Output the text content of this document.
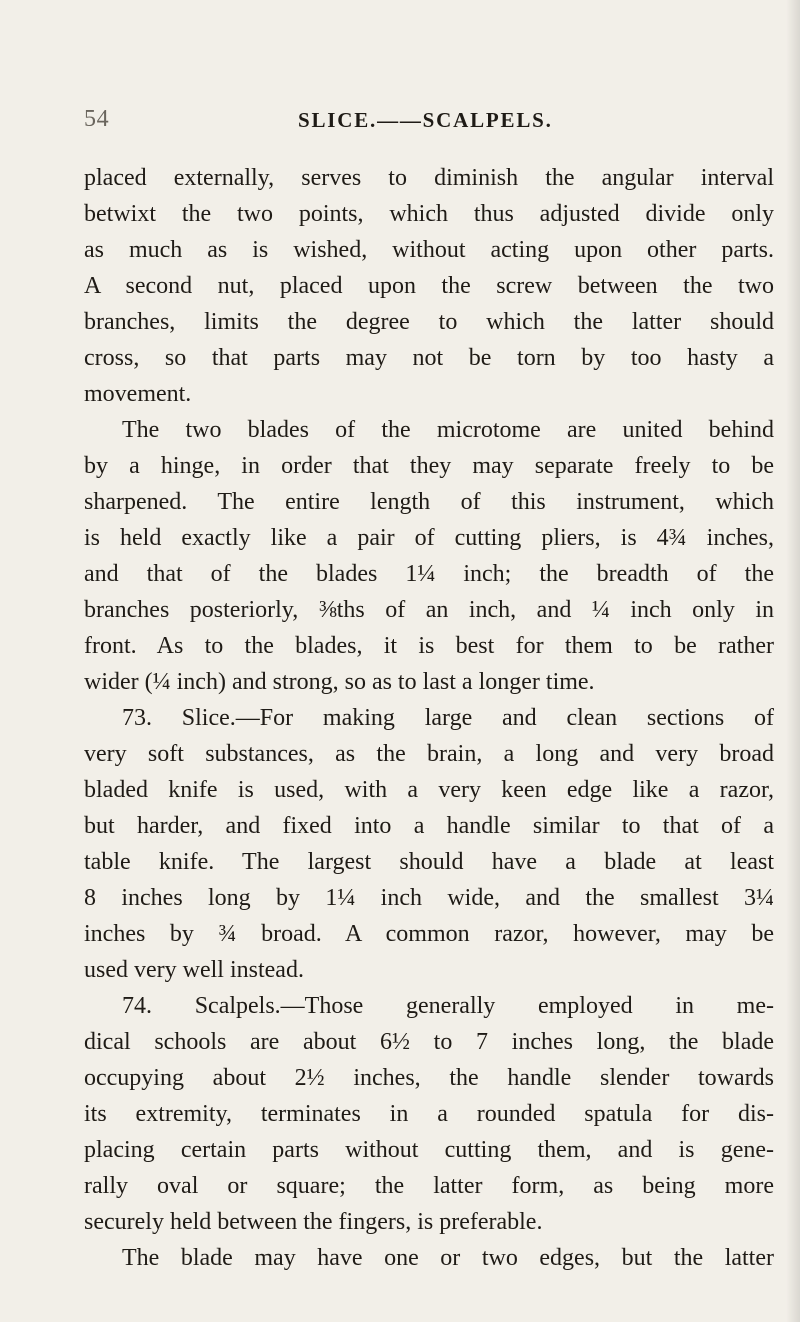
54	SLICE.——SCALPELS.
placed externally, serves to diminish the angular interval
betwixt the two points, which thus adjusted divide only
as much as is wished, without acting upon other parts.
A second nut, placed upon the screw between the two
branches, limits the degree to which the latter should
cross, so that parts may not be torn by too hasty a
movement.
The two blades of the microtome are united behind
by a hinge, in order that they may separate freely to be
sharpened. The entire length of this instrument, which
is held exactly like a pair of cutting pliers, is 4¾ inches,
and that of the blades 1¼ inch; the breadth of the
branches posteriorly, ⅜ths of an inch, and ¼ inch only in
front. As to the blades, it is best for them to be rather
wider (¼ inch) and strong, so as to last a longer time.
73. Slice.—For making large and clean sections of
very soft substances, as the brain, a long and very broad
bladed knife is used, with a very keen edge like a razor,
but harder, and fixed into a handle similar to that of a
table knife. The largest should have a blade at least
8 inches long by 1¼ inch wide, and the smallest 3¼
inches by ¾ broad. A common razor, however, may be
used very well instead.
74. Scalpels.—Those generally employed in me-
dical schools are about 6½ to 7 inches long, the blade
occupying about 2½ inches, the handle slender towards
its extremity, terminates in a rounded spatula for dis-
placing certain parts without cutting them, and is gene-
rally oval or square; the latter form, as being more
securely held between the fingers, is preferable.
The blade may have one or two edges, but the latter
